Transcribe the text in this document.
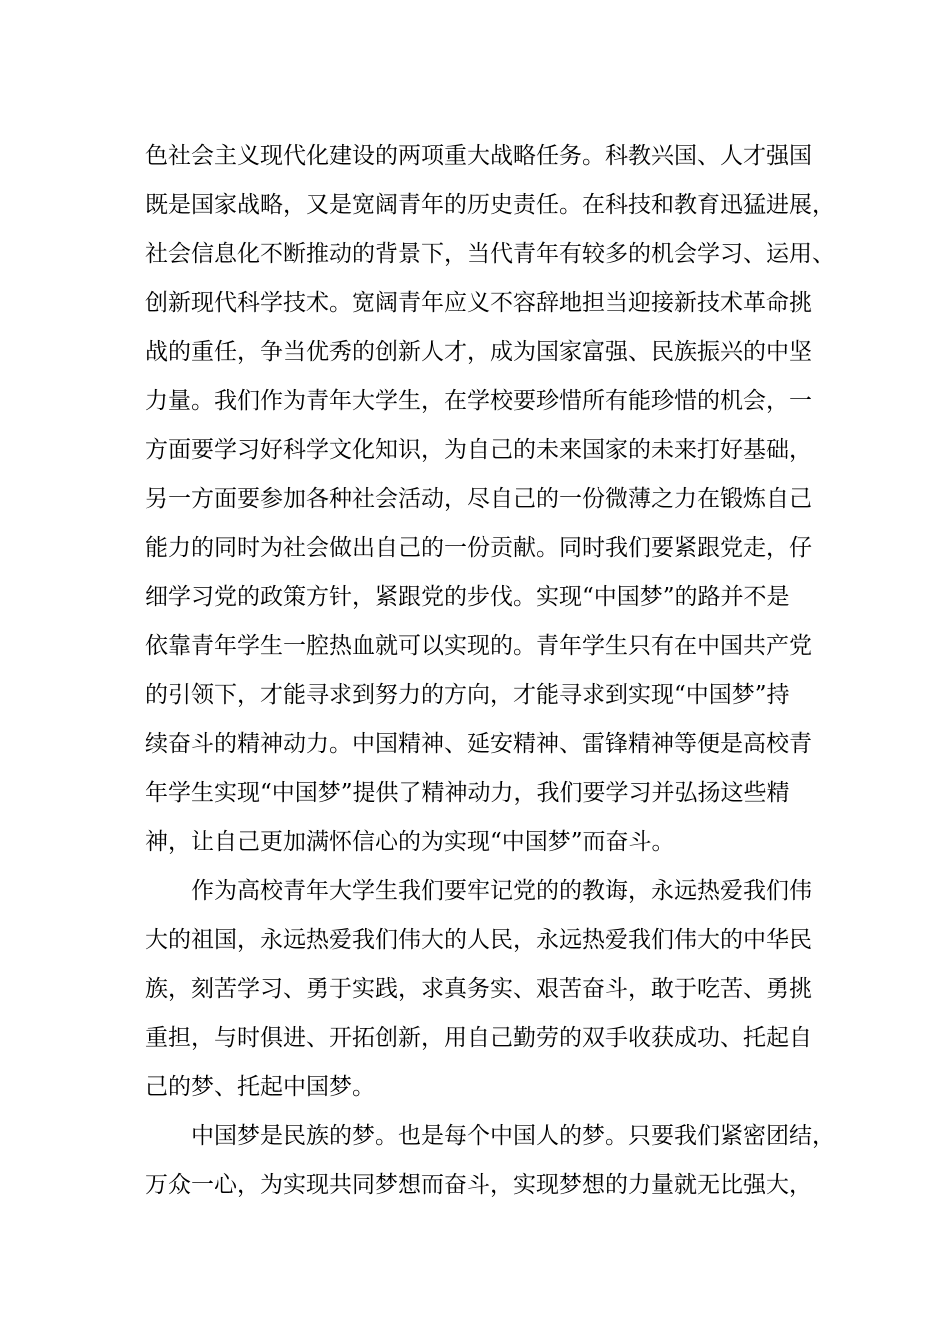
色社会主义现代化建设的两项重大战略任务。科教兴国、人才强国
既是国家战略，又是宽阔青年的历史责任。在科技和教育迅猛进展，
社会信息化不断推动的背景下，当代青年有较多的机会学习、运用、
创新现代科学技术。宽阔青年应义不容辞地担当迎接新技术革命挑
战的重任，争当优秀的创新人才，成为国家富强、民族振兴的中坚
力量。我们作为青年大学生，在学校要珍惜所有能珍惜的机会，一
方面要学习好科学文化知识，为自己的未来国家的未来打好基础，
另一方面要参加各种社会活动，尽自己的一份微薄之力在锻炼自己
能力的同时为社会做出自己的一份贡献。同时我们要紧跟党走，仔
细学习党的政策方针，紧跟党的步伐。实现“中国梦”的路并不是
依靠青年学生一腔热血就可以实现的。青年学生只有在中国共产党
的引领下，才能寻求到努力的方向，才能寻求到实现“中国梦”持
续奋斗的精神动力。中国精神、延安精神、雷锋精神等便是高校青
年学生实现“中国梦”提供了精神动力，我们要学习并弘扬这些精
神，让自己更加满怀信心的为实现“中国梦”而奋斗。
作为高校青年大学生我们要牢记党的的教诲，永远热爱我们伟
大的祖国，永远热爱我们伟大的人民，永远热爱我们伟大的中华民
族，刻苦学习、勇于实践，求真务实、艰苦奋斗，敢于吃苦、勇挑
重担，与时俱进、开拓创新，用自己勤劳的双手收获成功、托起自
己的梦、托起中国梦。
中国梦是民族的梦。也是每个中国人的梦。只要我们紧密团结，
万众一心，为实现共同梦想而奋斗，实现梦想的力量就无比强大，
